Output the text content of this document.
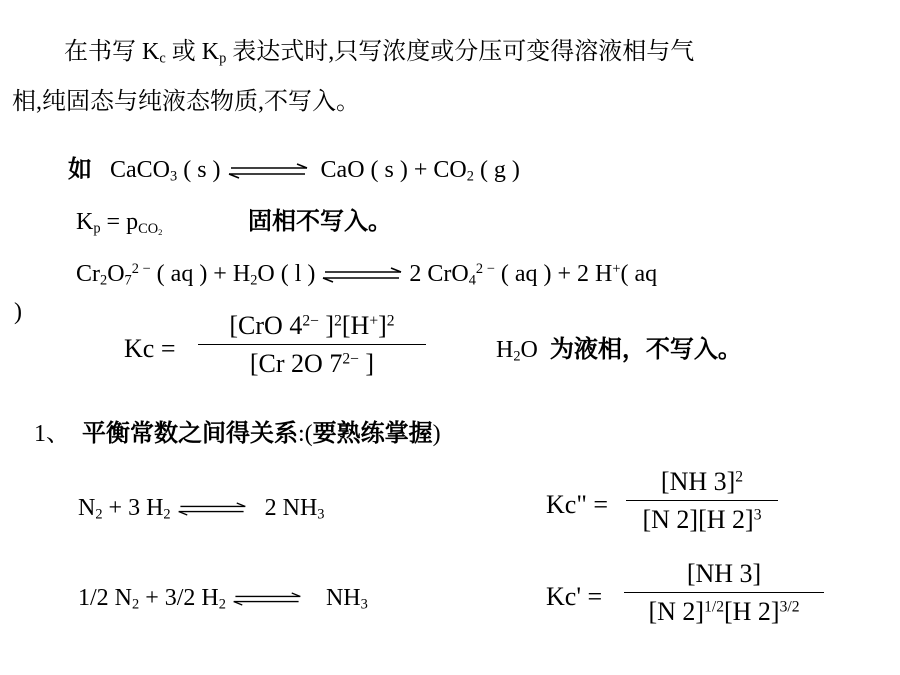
在书写 $K_c$ 或 $K_p$ 表达式时,只写浓度或分压可变得溶液相与气
相,纯固态与纯液态物质,不写入。
如 CaCO$_3$ ( s ) ⇌ CaO ( s ) + $CO_2$ ( g )
$K_p = p_{CO_2}$	固相不写入。
$Cr_2O_7^{2 -}$ ( aq ) + $H_2O$ ( l ) ⇌ 2 CrO$_4^{2 -}$ ( aq ) + 2 H+( aq
)
Kc =
[CrO $4^{2-}$ ]$^2[H^+]^2$
[Cr 2O $7^{2-}$ ]	$H_2O$ 为液相，不写入。
1、 平衡常数之间得关系:(要熟练掌握)
$N_2 + 3$ $H_2$ ⇌ 2 $NH_3$	Kc" =
[NH 3]$^2$
[N 2][H 2]$^3$
1/2 $N_2 + 3/2$ $H_2$ ⇌ $NH_3$	Kc' =
[NH 3]
[N 2]$^{1/2}$[H 2]$^{3/2}$
